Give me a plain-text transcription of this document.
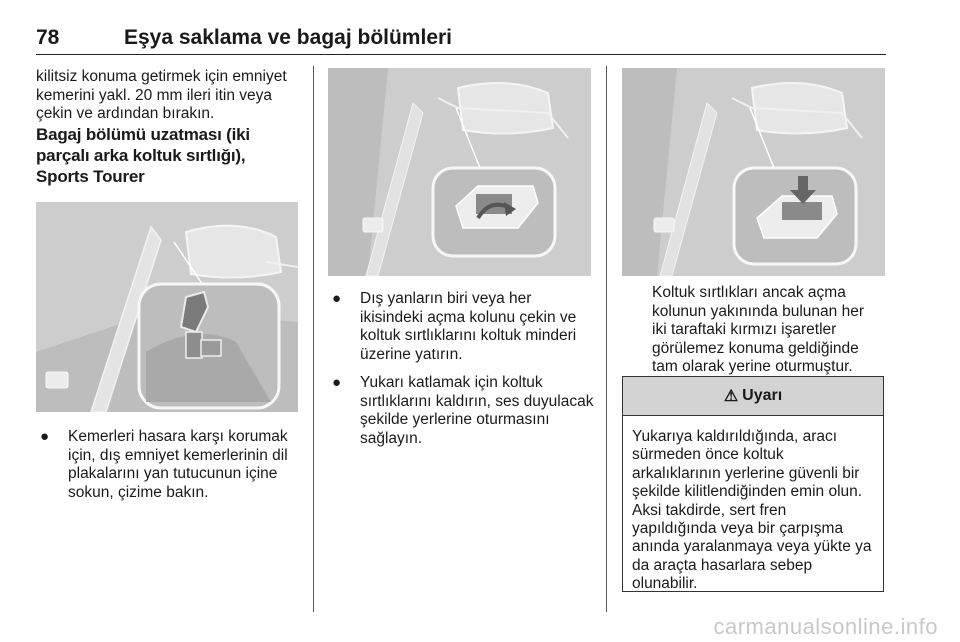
78	Eşya saklama ve bagaj bölümleri

kilitsiz konuma getirmek için emniyet kemerini yakl. 20 mm ileri itin veya çekin ve ardından bırakın.

Bagaj bölümü uzatması (iki parçalı arka koltuk sırtlığı), Sports Tourer

● Kemerleri hasara karşı korumak için, dış emniyet kemerlerinin dil plakalarını yan tutucunun içine sokun, çizime bakın.

● Dış yanların biri veya her ikisindeki açma kolunu çekin ve koltuk sırtlıklarını koltuk minderi üzerine yatırın.

● Yukarı katlamak için koltuk sırtlıklarını kaldırın, ses duyulacak şekilde yerlerine oturmasını sağlayın.

Koltuk sırtlıkları ancak açma kolunun yakınında bulunan her iki taraftaki kırmızı işaretler görülemez konuma geldiğinde tam olarak yerine oturmuştur.

⚠ Uyarı
Yukarıya kaldırıldığında, aracı sürmeden önce koltuk arkalıklarının yerlerine güvenli bir şekilde kilitlendiğinden emin olun. Aksi takdirde, sert fren yapıldığında veya bir çarpışma anında yaralanmaya veya yükte ya da araçta hasarlara sebep olunabilir.
carmanualsonline.info
